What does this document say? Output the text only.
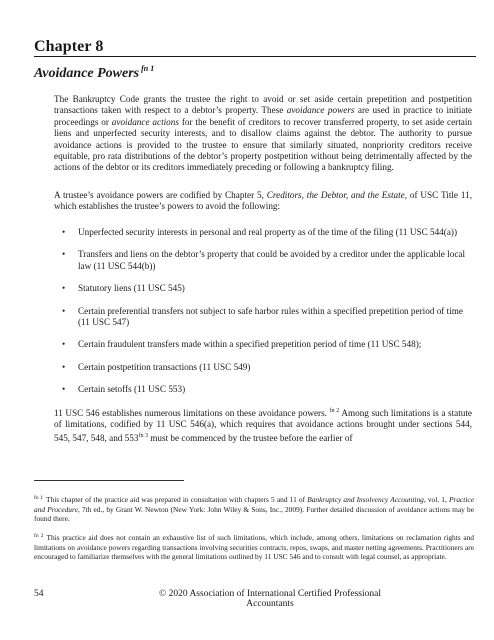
Chapter 8
Avoidance Powers $^{fn 1}$

The Bankruptcy Code grants the trustee the right to avoid or set aside certain prepetition and postpetition transactions taken with respect to a debtor’s property. These avoidance powers are used in practice to initiate proceedings or avoidance actions for the benefit of creditors to recover transferred property, to set aside certain liens and unperfected security interests, and to disallow claims against the debtor. The authority to pursue avoidance actions is provided to the trustee to ensure that similarly situated, nonpriority creditors receive equitable, pro rata distributions of the debtor’s property postpetition without being detrimentally affected by the actions of the debtor or its creditors immediately preceding or following a bankruptcy filing.

A trustee’s avoidance powers are codified by Chapter 5, Creditors, the Debtor, and the Estate, of USC Title 11, which establishes the trustee’s powers to avoid the following:

• Unperfected security interests in personal and real property as of the time of the filing (11 USC 544(a))
• Transfers and liens on the debtor’s property that could be avoided by a creditor under the applicable local law (11 USC 544(b))
• Statutory liens (11 USC 545)
• Certain preferential transfers not subject to safe harbor rules within a specified prepetition period of time (11 USC 547)
• Certain fraudulent transfers made within a specified prepetition period of time (11 USC 548);
• Certain postpetition transactions (11 USC 549)
• Certain setoffs (11 USC 553)

11 USC 546 establishes numerous limitations on these avoidance powers. $^{fn 2}$ Among such limitations is a statute of limitations, codified by 11 USC 546(a), which requires that avoidance actions brought under sections 544, 545, 547, 548, and $553^{fn 3}$ must be commenced by the trustee before the earlier of

$^{fn 1}$ This chapter of the practice aid was prepared in consultation with chapters 5 and 11 of Bankruptcy and Insolvency Accounting, vol. 1, Practice and Procedure, 7th ed., by Grant W. Newton (New York: John Wiley & Sons, Inc., 2009). Further detailed discussion of avoidance actions may be found there.
$^{fn 2}$ This practice aid does not contain an exhaustive list of such limitations, which include, among others, limitations on reclamation rights and limitations on avoidance powers regarding transactions involving securities contracts, repos, swaps, and master netting agreements. Practitioners are encouraged to familiarize themselves with the general limitations outlined by 11 USC 546 and to consult with legal counsel, as appropriate.
54	© 2020 Association of International Certified Professional Accountants
